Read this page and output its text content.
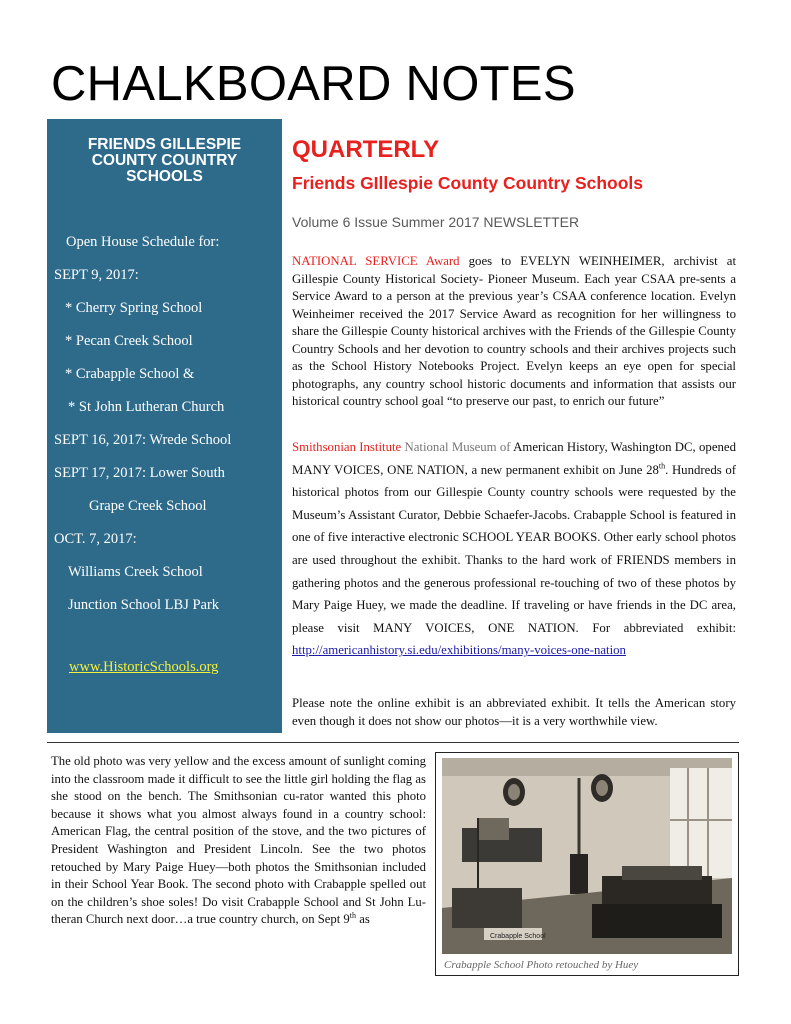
CHALKBOARD NOTES
FRIENDS GILLESPIE
COUNTY COUNTRY
SCHOOLS
Open House Schedule for:
SEPT 9, 2017:
* Cherry Spring School
* Pecan Creek School
* Crabapple School &
* St John Lutheran Church
SEPT 16, 2017: Wrede School
SEPT 17, 2017: Lower South
Grape Creek School
OCT. 7, 2017:
Williams Creek School
Junction School LBJ Park
www.HistoricSchools.org
QUARTERLY
Friends GIllespie County Country Schools
Volume 6 Issue Summer 2017 NEWSLETTER
NATIONAL SERVICE Award goes to EVELYN WEINHEIMER, archivist at Gillespie County Historical Society- Pioneer Museum. Each year CSAA pre-sents a Service Award to a person at the previous year’s CSAA conference location. Evelyn Weinheimer received the 2017 Service Award as recognition for her willingness to share the Gillespie County historical archives with the Friends of the Gillespie County Country Schools and her devotion to country schools and their archives projects such as the School History Notebooks Project. Evelyn keeps an eye open for special photographs, any country school historic documents and information that assists our historical country school goal “to preserve our past, to enrich our future”
Smithsonian Institute National Museum of American History, Washington DC, opened MANY VOICES, ONE NATION, a new permanent exhibit on June 28th. Hundreds of historical photos from our Gillespie County country schools were requested by the Museum’s Assistant Curator, Debbie Schaefer-Jacobs. Crabapple School is featured in one of five interactive electronic SCHOOL YEAR BOOKS. Other early school photos are used throughout the exhibit. Thanks to the hard work of FRIENDS members in gathering photos and the generous professional re-touching of two of these photos by Mary Paige Huey, we made the deadline. If traveling or have friends in the DC area, please visit MANY VOICES, ONE NATION. For abbreviated exhibit: http://americanhistory.si.edu/exhibitions/many-voices-one-nation
Please note the online exhibit is an abbreviated exhibit. It tells the American story even though it does not show our photos—it is a very worthwhile view.
The old photo was very yellow and the excess amount of sunlight coming into the classroom made it difficult to see the little girl holding the flag as she stood on the bench. The Smithsonian cu-rator wanted this photo because it shows what you almost always found in a country school: American Flag, the central position of the stove, and the two pictures of President Washington and President Lincoln. See the two photos retouched by Mary Paige Huey—both photos the Smithsonian included in their School Year Book. The second photo with Crabapple spelled out on the children’s shoe soles! Do visit Crabapple School and St John Lu-theran Church next door…a true country church, on Sept 9th as
Crabapple School
Crabapple School Photo retouched by Huey
